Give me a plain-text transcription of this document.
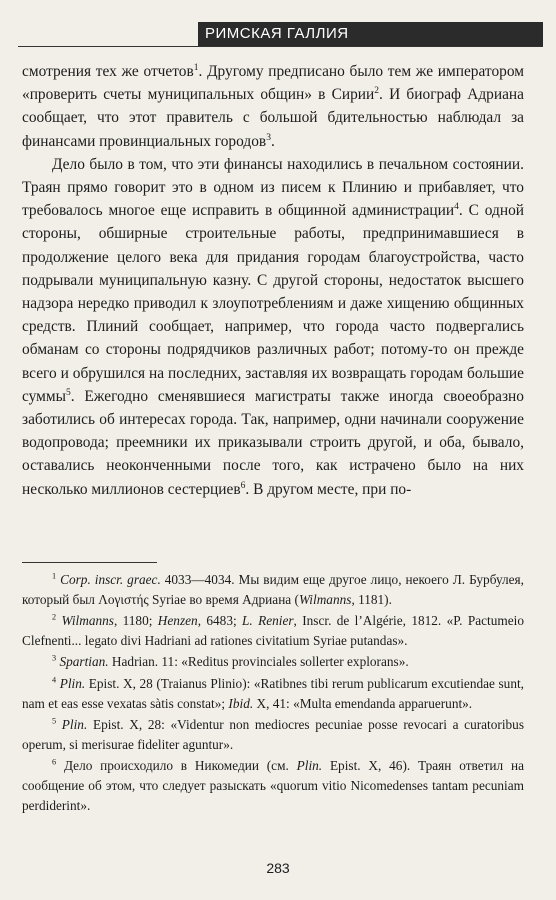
РИМСКАЯ ГАЛЛИЯ

смотрения тех же отчетов$^1$. Другому предписано было тем же императором «проверить счеты муниципальных общин» в Сирии$^2$. И биограф Адриана сообщает, что этот правитель с большой бдительностью наблюдал за финансами провинциальных городов$^3$.

Дело было в том, что эти финансы находились в печальном состоянии. Траян прямо говорит это в одном из писем к Плинию и прибавляет, что требовалось многое еще исправить в общинной администрации$^4$. С одной стороны, обширные строительные работы, предпринимавшиеся в продолжение целого века для придания городам благоустройства, часто подрывали муниципальную казну. С другой стороны, недостаток высшего надзора нередко приводил к злоупотреблениям и даже хищению общинных средств. Плиний сообщает, например, что города часто подвергались обманам со стороны подрядчиков различных работ; потому-то он прежде всего и обрушился на последних, заставляя их возвращать городам большие суммы$^5$. Ежегодно сменявшиеся магистраты также иногда своеобразно заботились об интересах города. Так, например, одни начинали сооружение водопровода; преемники их приказывали строить другой, и оба, бывало, оставались неоконченными после того, как истрачено было на них несколько миллионов сестерциев$^6$. В другом месте, при по-

$^1$ Corp. inscr. graec. 4033—4034. Мы видим еще другое лицо, некоего Л. Бурбулея, который был Λογιστής Syriae во время Адриана (Wilmanns, 1181).

$^2$ Wilmanns, 1180; Henzen, 6483; L. Renier, Inscr. de l’Algérie, 1812. «P. Pactumeio Clefnenti... legato divi Hadriani ad rationes civitatium Syriae putandas».

$^3$ Spartian. Hadrian. 11: «Reditus provinciales sollerter explorans».

$^4$ Plin. Epist. X, 28 (Traianus Plinio): «Ratibnes tibi rerum publicarum excutiendae sunt, nam et eas esse vexatas sàtis constat»; Ibid. X, 41: «Multa emendanda apparuerunt».

$^5$ Plin. Epist. X, 28: «Videntur non mediocres pecuniae posse revocari a curatoribus operum, si merisurae fideliter aguntur».

$^6$ Дело происходило в Никомедии (см. Plin. Epist. X, 46). Траян ответил на сообщение об этом, что следует разыскать «quorum vitio Nicomedenses tantam pecuniam perdiderint».

283
